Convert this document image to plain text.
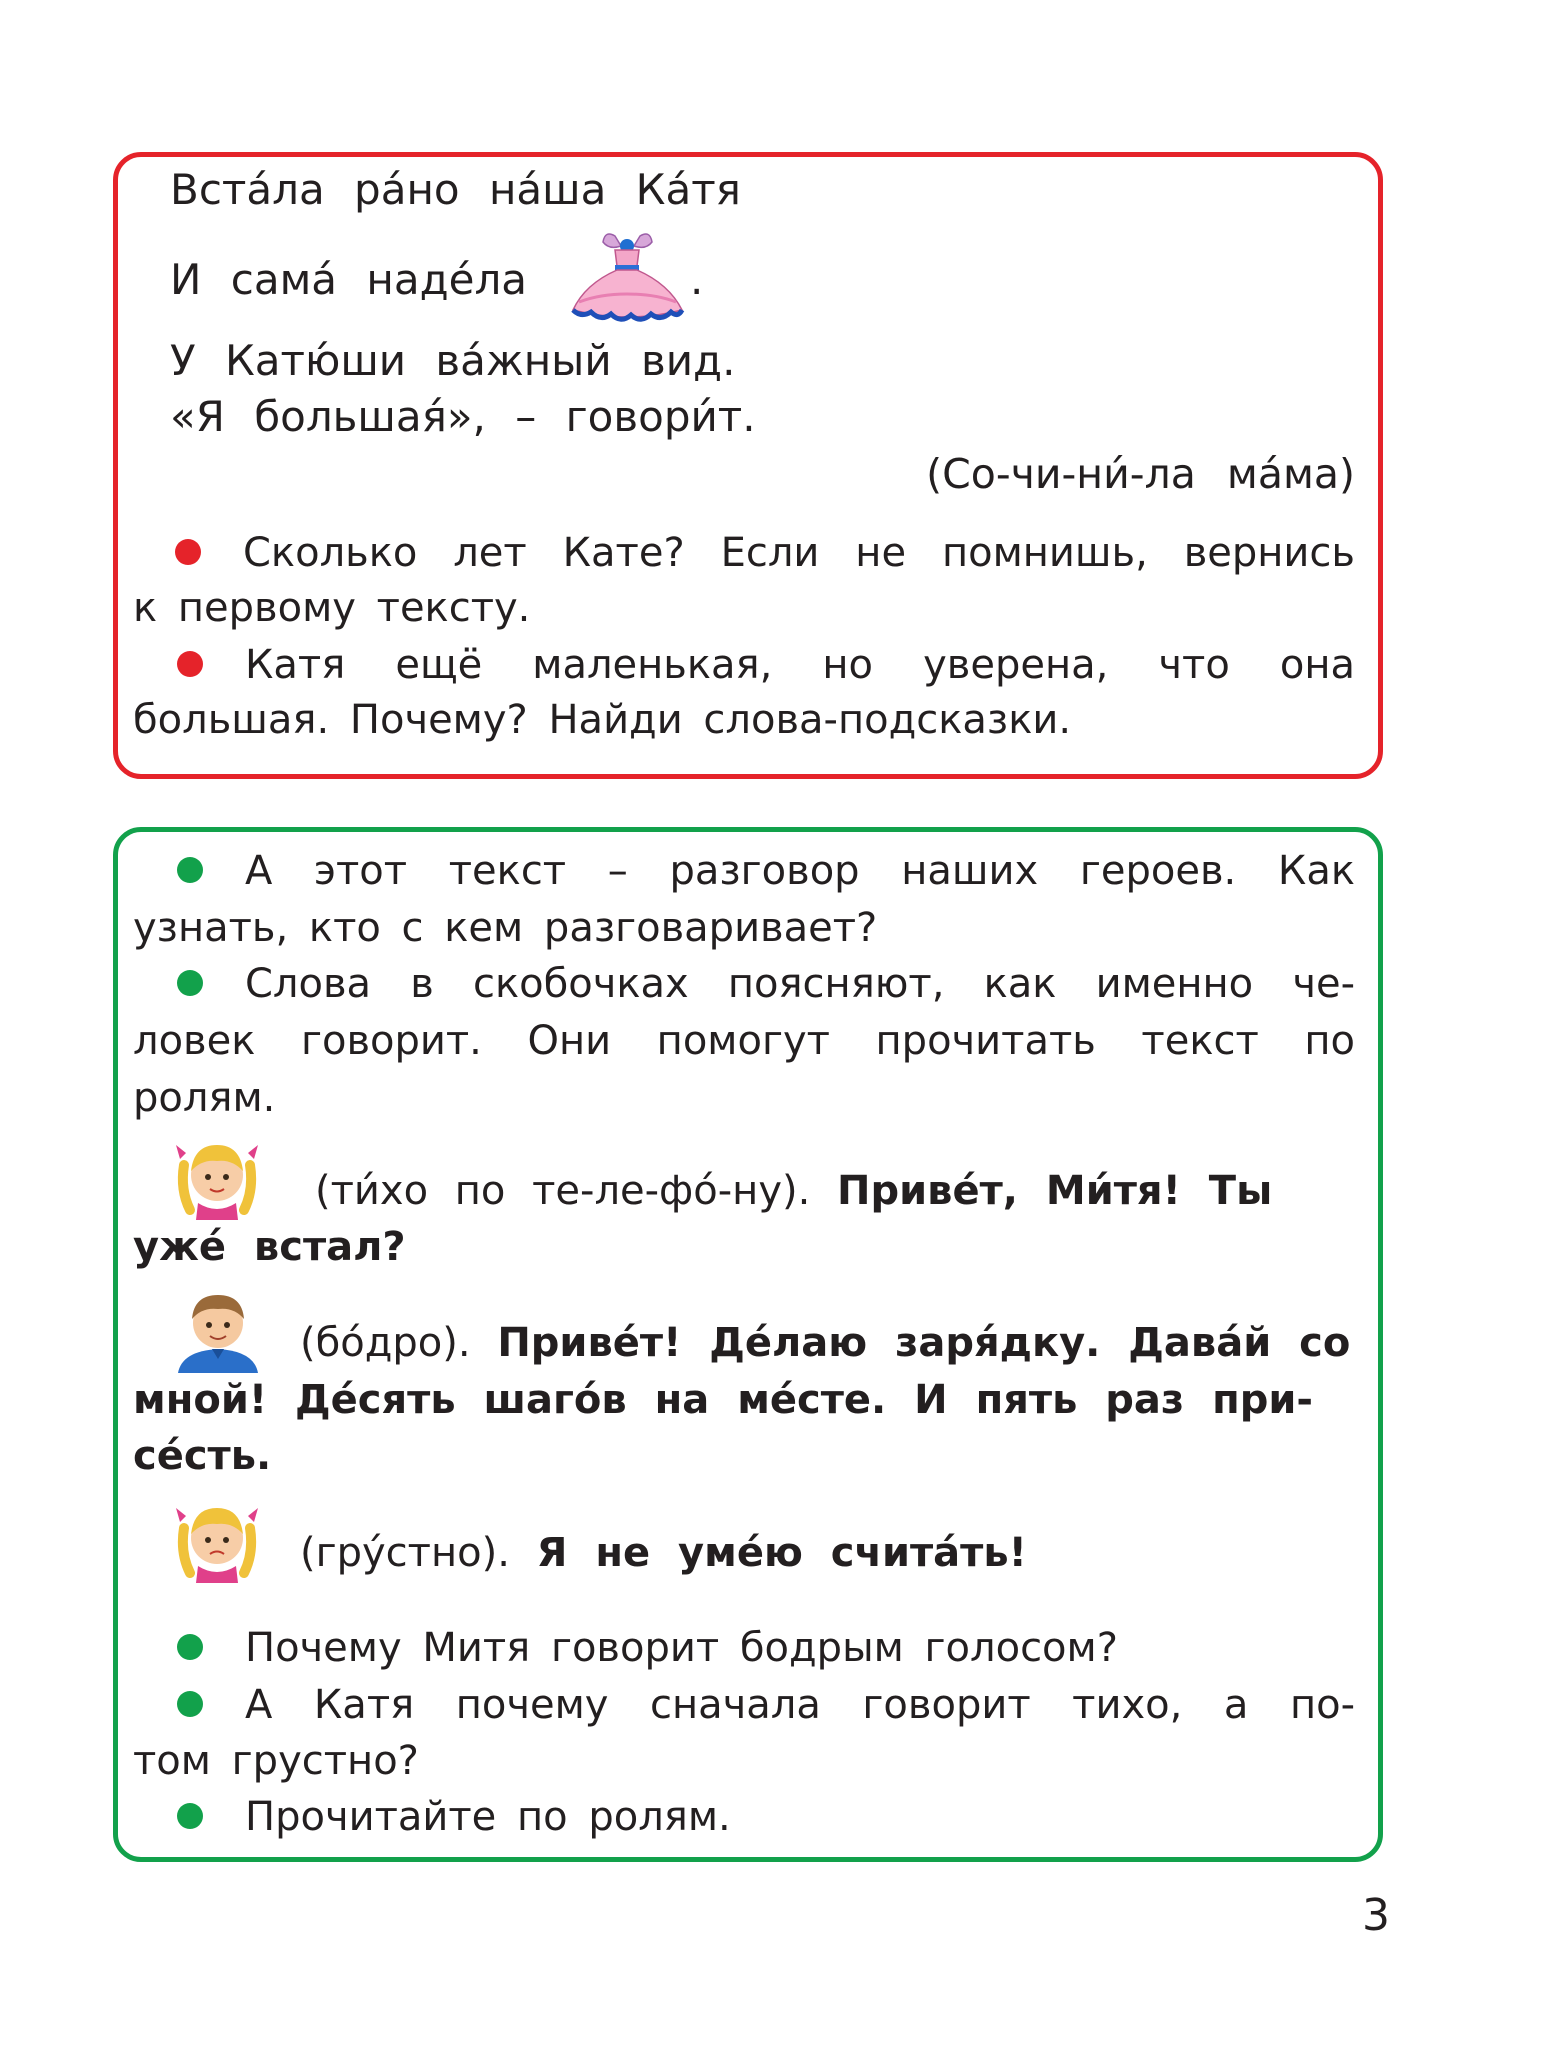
Вста́ла ра́но на́ша Ка́тя
И сама́ наде́ла	.
У Катю́ши ва́жный вид.
«Я большая́», – говори́т.
(Со-чи-ни́-ла ма́ма)
Сколько лет Кате? Если не помнишь, вернись
к первому тексту.
Катя ещё маленькая, но уверена, что она
большая. Почему? Найди слова-подсказки.
А этот текст – разговор наших героев. Как
узнать, кто с кем разговаривает?
Слова в скобочках поясняют, как именно че-
ловек говорит. Они помогут прочитать текст по
ролям.
(ти́хо по те-ле-фо́-ну). Приве́т, Ми́тя! Ты
уже́ встал?
(бо́дро). Приве́т! Де́лаю заря́дку. Дава́й со
мной! Де́сять шаго́в на ме́сте. И пять раз при-
се́сть.
(гру́стно). Я не уме́ю счита́ть!
Почему Митя говорит бодрым голосом?
А Катя почему сначала говорит тихо, а по-
том грустно?
Прочитайте по ролям.
3
